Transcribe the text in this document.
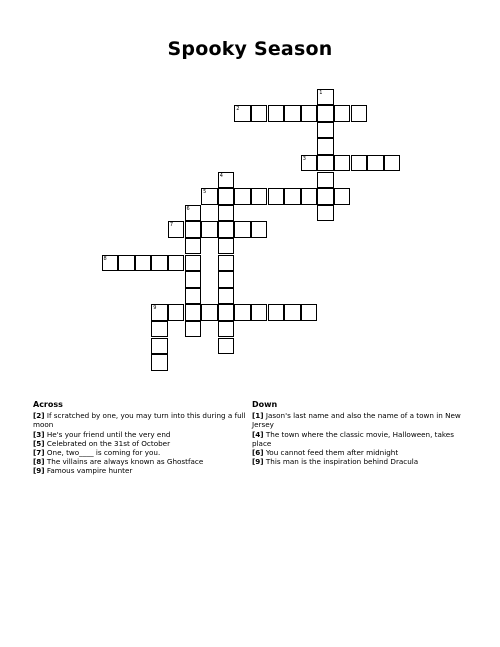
Spooky Season
1
2
3
4
5
6
7
8
9
Across

[2] If scratched by one, you may turn into this during a full moon

[3] He's your friend until the very end

[5] Celebrated on the 31st of October

[7] One, two____ is coming for you.

[8] The villains are always known as Ghostface

[9] Famous vampire hunter

Down

[1] Jason's last name and also the name of a town in New Jersey

[4] The town where the classic movie, Halloween, takes place

[6] You cannot feed them after midnight

[9] This man is the inspiration behind Dracula
